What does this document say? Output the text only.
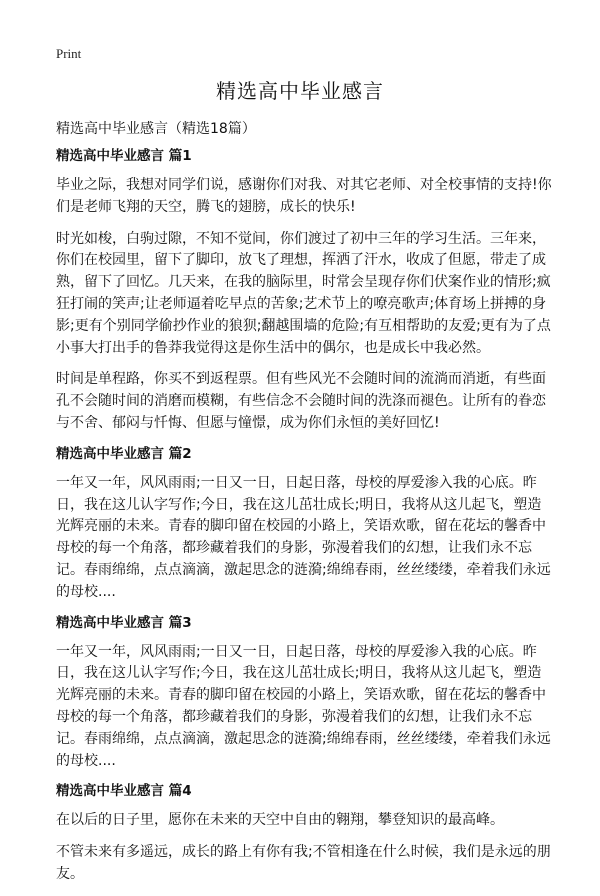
Print
精选高中毕业感言
精选高中毕业感言（精选18篇）
精选高中毕业感言 篇1

毕业之际，我想对同学们说，感谢你们对我、对其它老师、对全校事情的支持!你们是老师飞翔的天空，腾飞的翅膀，成长的快乐!

时光如梭，白驹过隙，不知不觉间，你们渡过了初中三年的学习生活。三年来，你们在校园里，留下了脚印，放飞了理想，挥洒了汗水，收成了但愿，带走了成熟，留下了回忆。几天来，在我的脑际里，时常会呈现存你们伏案作业的情形;疯狂打闹的笑声;让老师逼着吃早点的苦象;艺术节上的嘹亮歌声;体育场上拼搏的身影;更有个别同学偷抄作业的狼狈;翻越围墙的危险;有互相帮助的友爱;更有为了点小事大打出手的鲁莽我觉得这是你生活中的偶尔，也是成长中我必然。

时间是单程路，你买不到返程票。但有些风光不会随时间的流淌而消逝，有些面孔不会随时间的消磨而模糊，有些信念不会随时间的洗涤而褪色。让所有的眷恋与不舍、郁闷与忏悔、但愿与憧憬，成为你们永恒的美好回忆!

精选高中毕业感言 篇2

一年又一年，风风雨雨;一日又一日，日起日落，母校的厚爱渗入我的心底。昨日，我在这儿认字写作;今日，我在这儿茁壮成长;明日，我将从这儿起飞，塑造光辉亮丽的未来。青春的脚印留在校园的小路上，笑语欢歌，留在花坛的馨香中母校的每一个角落，都珍藏着我们的身影，弥漫着我们的幻想，让我们永不忘记。春雨绵绵，点点滴滴，激起思念的涟漪;绵绵春雨，丝丝缕缕，牵着我们永远的母校....

精选高中毕业感言 篇3

一年又一年，风风雨雨;一日又一日，日起日落，母校的厚爱渗入我的心底。昨日，我在这儿认字写作;今日，我在这儿茁壮成长;明日，我将从这儿起飞，塑造光辉亮丽的未来。青春的脚印留在校园的小路上，笑语欢歌，留在花坛的馨香中母校的每一个角落，都珍藏着我们的身影，弥漫着我们的幻想，让我们永不忘记。春雨绵绵，点点滴滴，激起思念的涟漪;绵绵春雨，丝丝缕缕，牵着我们永远的母校....

精选高中毕业感言 篇4

在以后的日子里，愿你在未来的天空中自由的翱翔，攀登知识的最高峰。

不管未来有多遥远，成长的路上有你有我;不管相逢在什么时候，我们是永远的朋友。
